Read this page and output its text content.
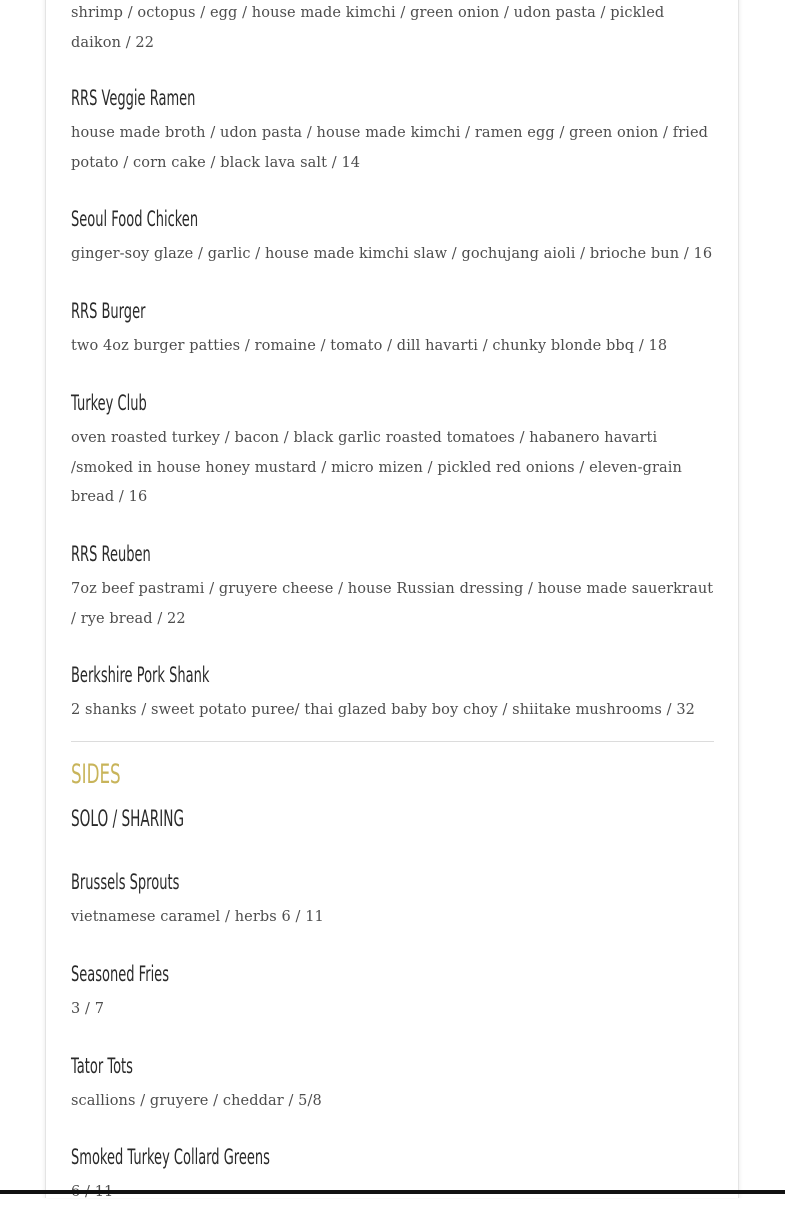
shrimp / octopus / egg / house made kimchi / green onion / udon pasta / pickled daikon / 22

RRS Veggie Ramen

house made broth / udon pasta / house made kimchi / ramen egg / green onion / fried potato / corn cake / black lava salt / 14

Seoul Food Chicken

ginger-soy glaze / garlic / house made kimchi slaw / gochujang aioli / brioche bun / 16

RRS Burger

two 4oz burger patties / romaine / tomato / dill havarti / chunky blonde bbq / 18

Turkey Club

oven roasted turkey / bacon / black garlic roasted tomatoes / habanero havarti /smoked in house honey mustard / micro mizen / pickled red onions / eleven-grain bread / 16

RRS Reuben

7oz beef pastrami / gruyere cheese / house Russian dressing / house made sauerkraut / rye bread / 22

Berkshire Pork Shank

2 shanks / sweet potato puree/ thai glazed baby boy choy / shiitake mushrooms / 32

SIDES
SOLO / SHARING
Brussels Sprouts

vietnamese caramel / herbs 6 / 11

Seasoned Fries

3 / 7

Tator Tots

scallions / gruyere / cheddar / 5/8

Smoked Turkey Collard Greens
